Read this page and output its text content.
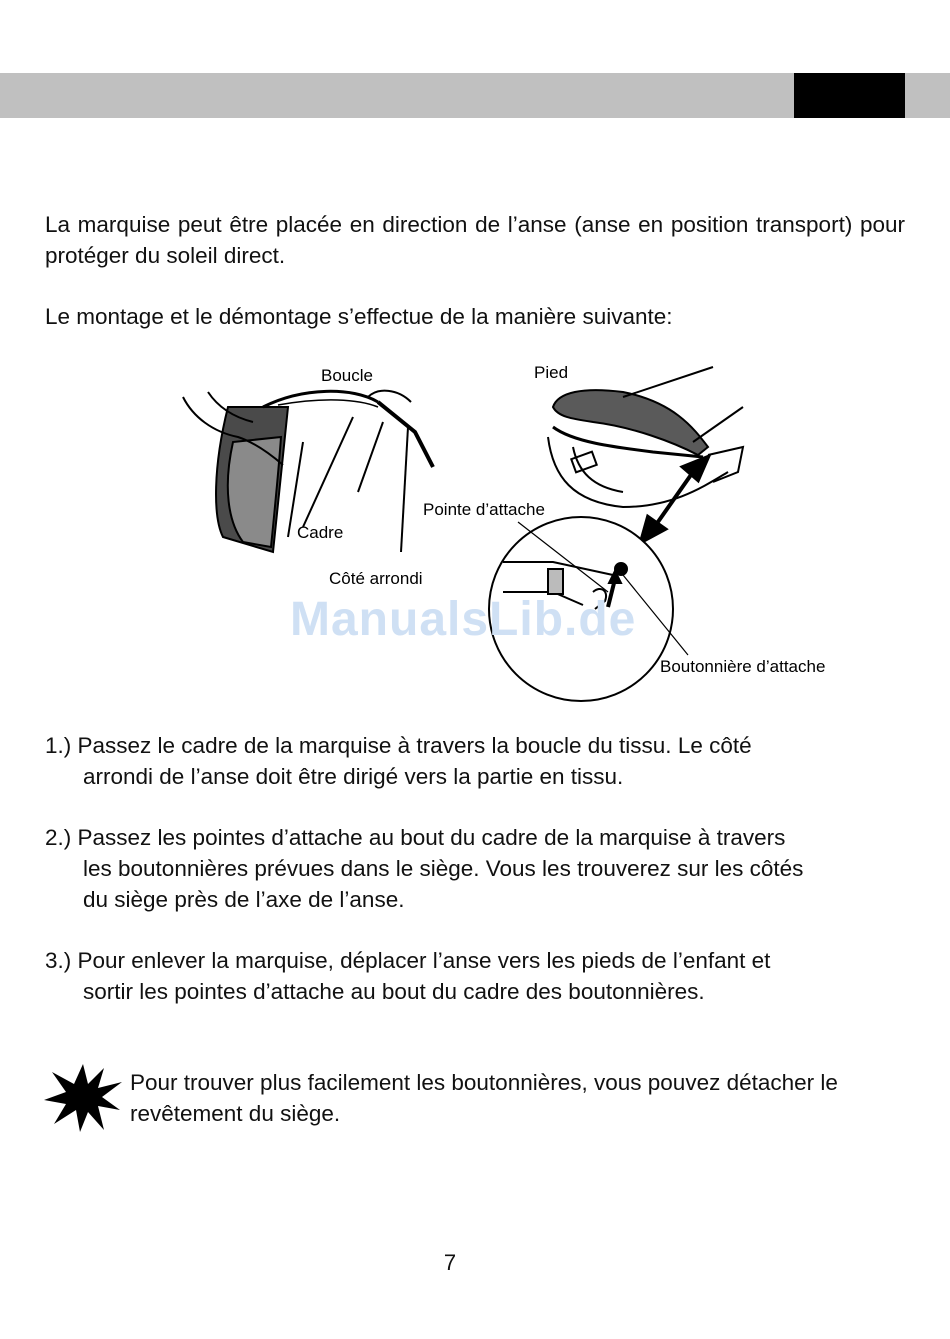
La marquise peut être placée en direction de l’anse (anse en position transport) pour protéger du soleil direct.

Le montage et le démontage s’effectue de la manière suivante:

Boucle	Pied
Pointe d’attache
Cadre
Côté arrondi
Boutonnière d’attache
ManualsLib.de

1.) Passez le cadre de la marquise à travers la boucle du tissu. Le côté
arrondi de l’anse doit être dirigé vers la partie en tissu.

2.) Passez les pointes d’attache au bout du cadre de la marquise à travers
les boutonnières prévues dans le siège. Vous les trouverez sur les côtés
du siège près de l’axe de l’anse.

3.) Pour enlever la marquise, déplacer l’anse vers les pieds de l’enfant et
sortir les pointes d’attache au bout du cadre des boutonnières.

Pour trouver plus facilement les boutonnières, vous pouvez détacher le revêtement du siège.

7
